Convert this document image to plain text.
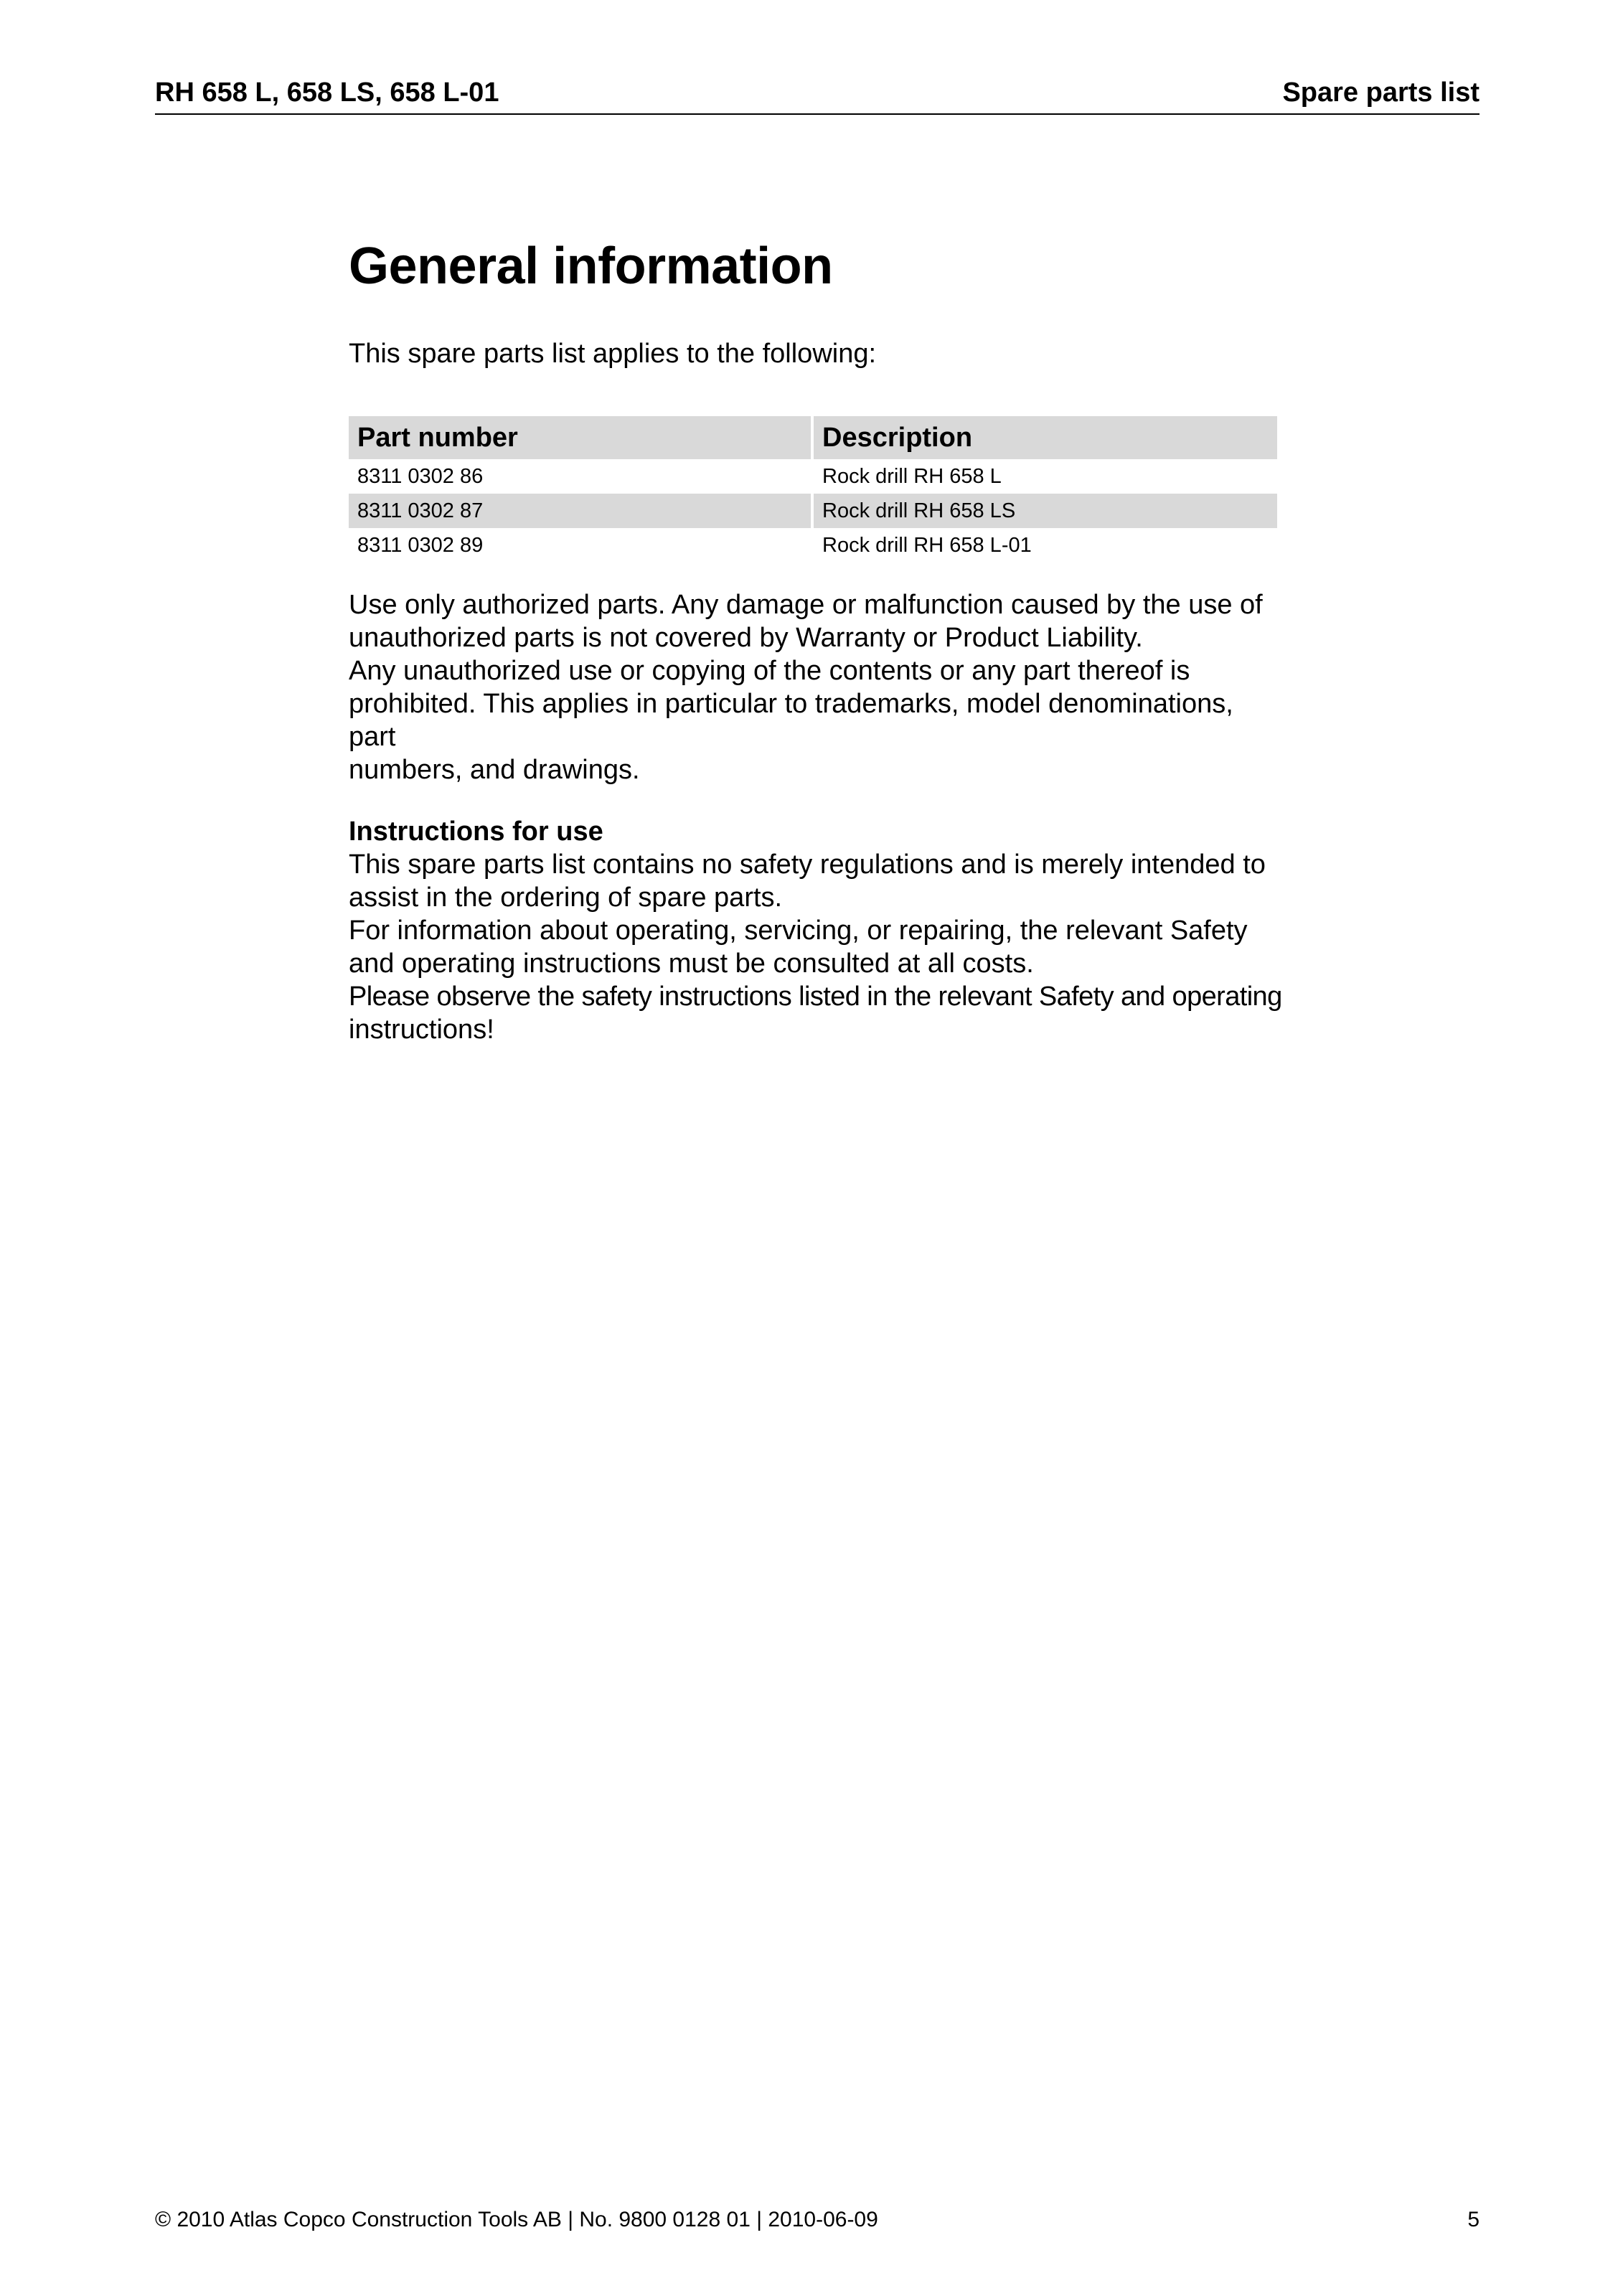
RH 658 L, 658 LS, 658 L-01	Spare parts list
General information
This spare parts list applies to the following:
Part number	Description
8311 0302 86	Rock drill RH 658 L
8311 0302 87	Rock drill RH 658 LS
8311 0302 89	Rock drill RH 658 L-01
Use only authorized parts. Any damage or malfunction caused by the use of
unauthorized parts is not covered by Warranty or Product Liability.
Any unauthorized use or copying of the contents or any part thereof is
prohibited. This applies in particular to trademarks, model denominations, part
numbers, and drawings.
Instructions for use
This spare parts list contains no safety regulations and is merely intended to
assist in the ordering of spare parts.
For information about operating, servicing, or repairing, the relevant Safety
and operating instructions must be consulted at all costs.
Please observe the safety instructions listed in the relevant Safety and operating
instructions!
© 2010 Atlas Copco Construction Tools AB | No. 9800 0128 01 | 2010-06-09	5
